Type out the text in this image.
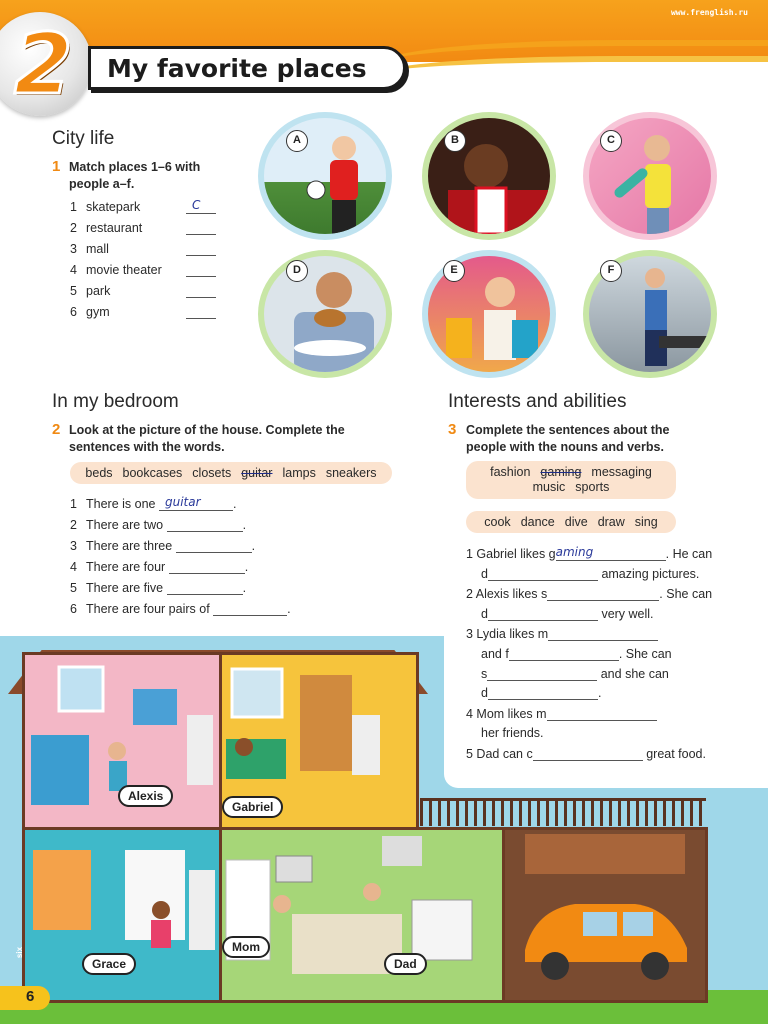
www.frenglish.ru
2 My favorite places
City life
1 Match places 1–6 with
people a–f.
1 skatepark	C
2 restaurant
3 mall
4 movie theater
5 park
6 gym
A	B	C
D	E	F
In my bedroom
2 Look at the picture of the house. Complete the
sentences with the words.
beds bookcases closets guitar lamps sneakers
1 There is one guitar	.
2 There are two	.
3 There are three	.
4 There are four	.
5 There are five	.
6 There are four pairs of	.
Alexis
Gabriel
Grace
Mom
Dad
Interests and abilities
3 Complete the sentences about the
people with the nouns and verbs.
fashion gaming messaging
music sports
cook dance dive draw sing
1 Gabriel likes g aming	. He can
d	amazing pictures.
2 Alexis likes s	. She can
d	very well.
3 Lydia likes m
and f	. She can
s	and she can
d	.
4 Mom likes m
her friends.
5 Dad can c	great food.
6
six
